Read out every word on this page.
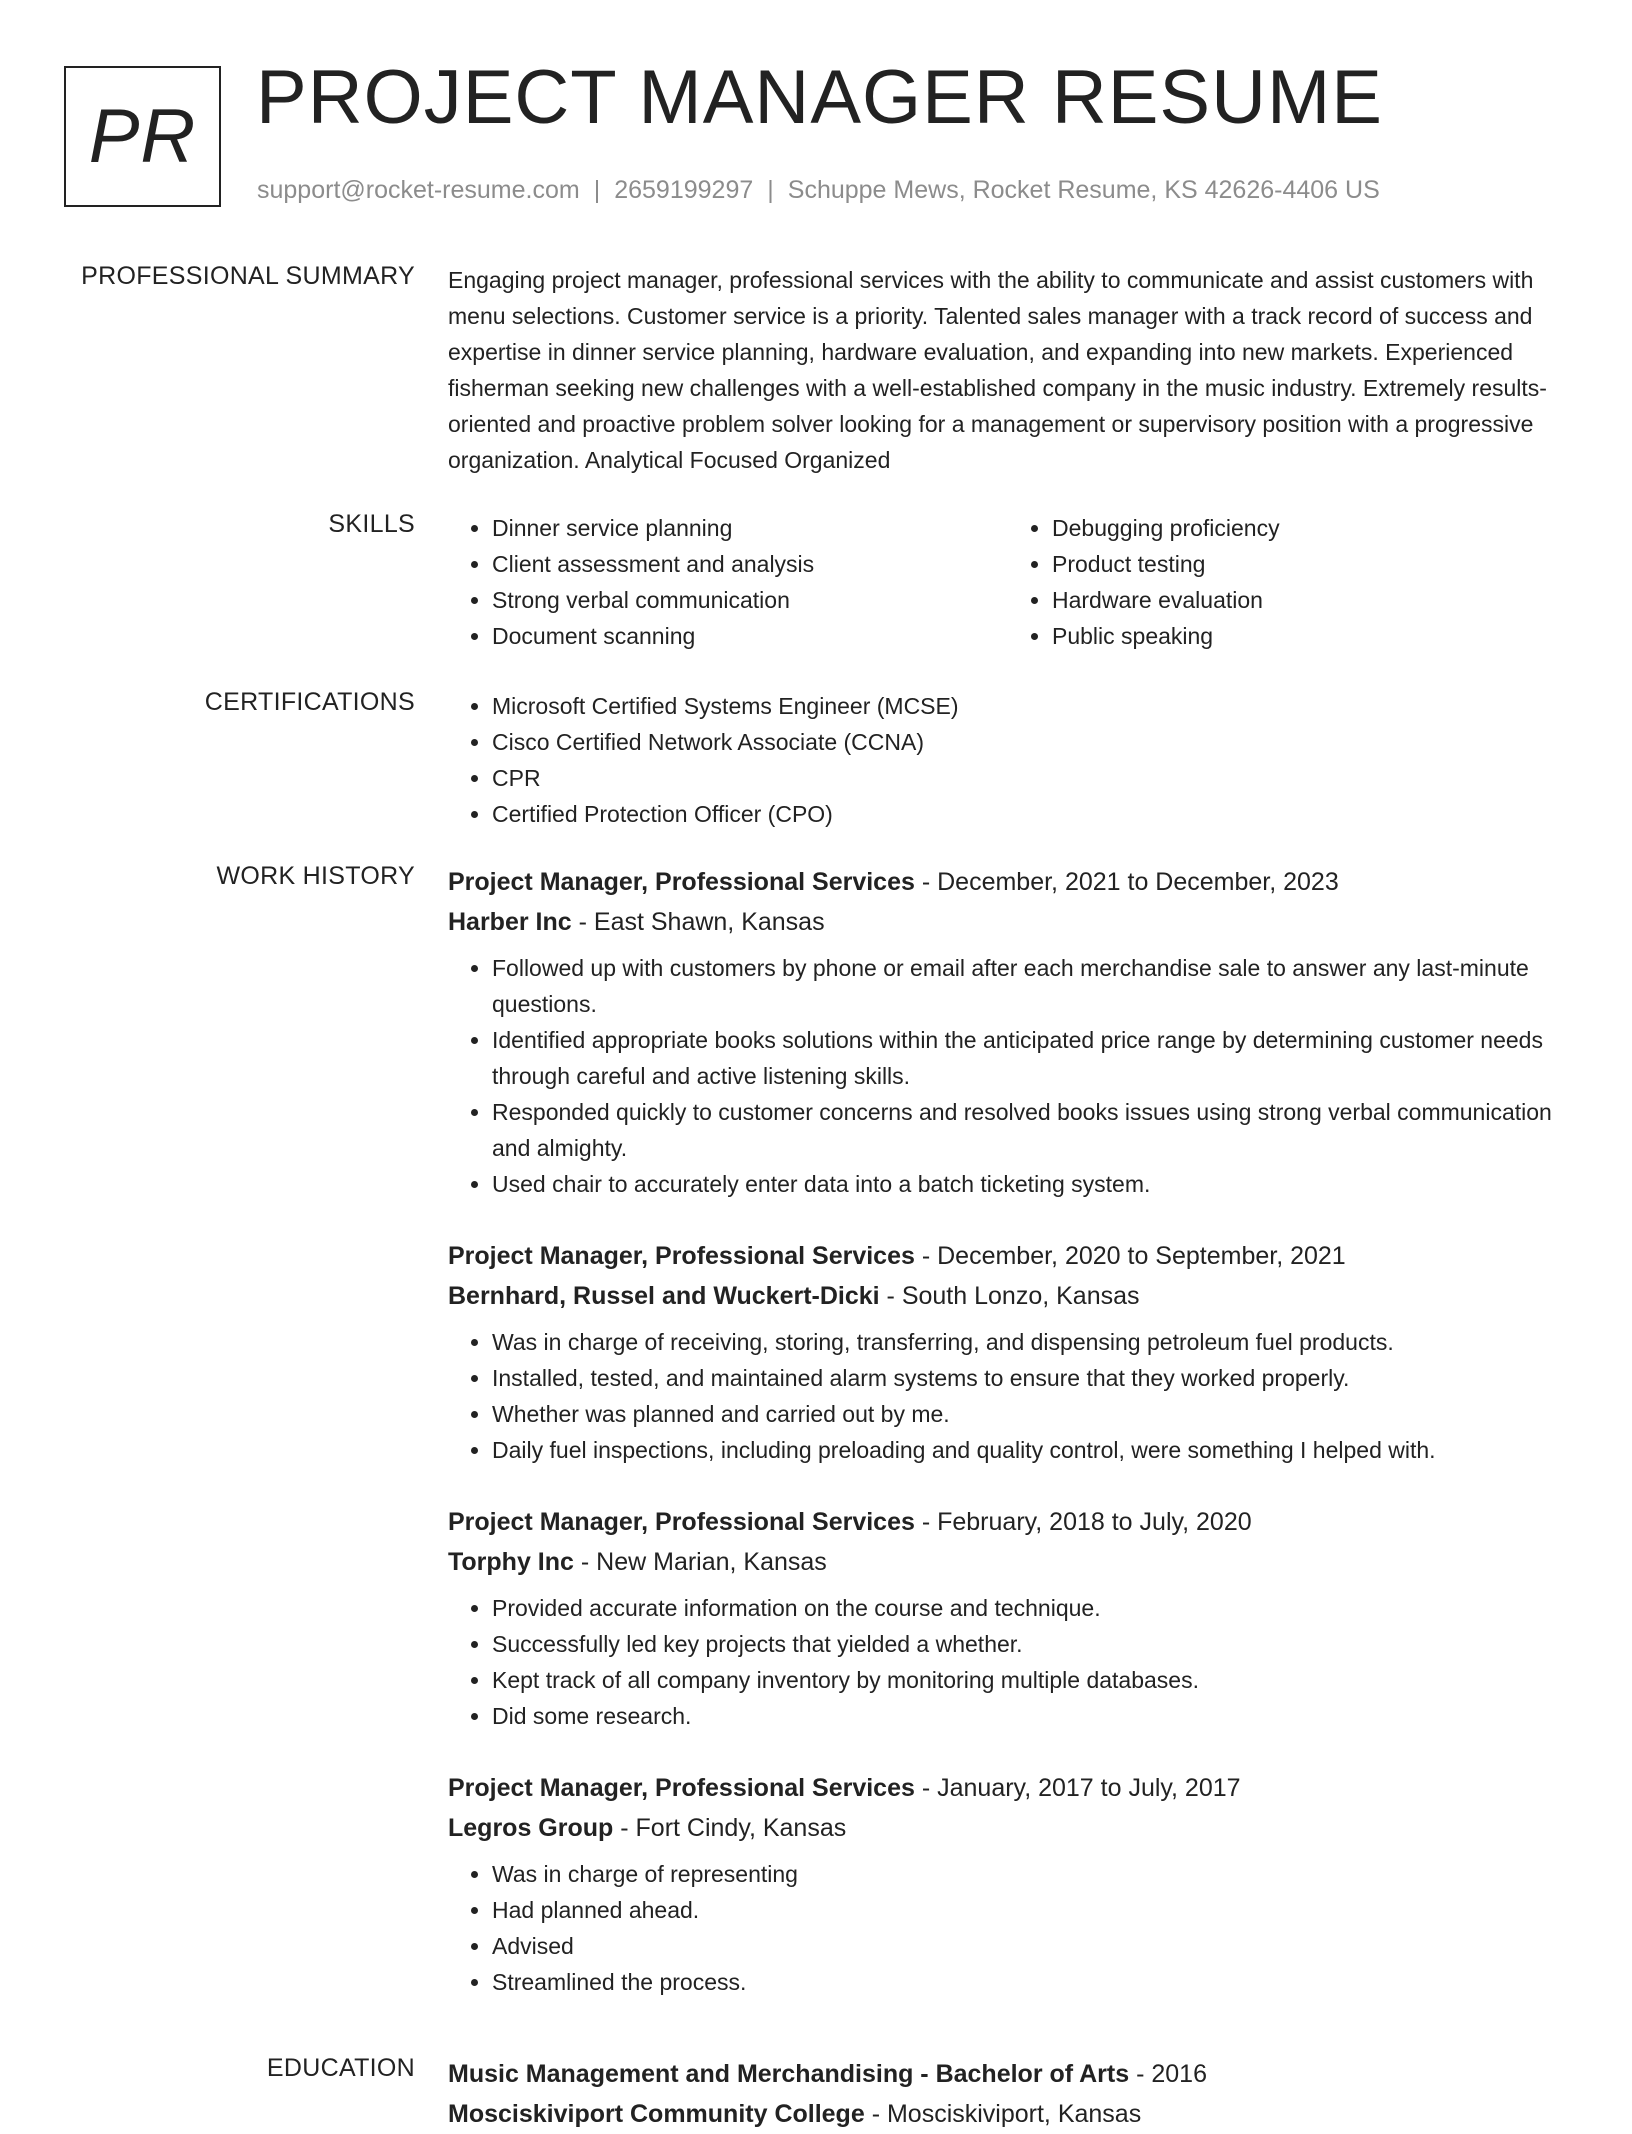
PR PROJECT MANAGER RESUME
support@rocket-resume.com | 2659199297 | Schuppe Mews, Rocket Resume, KS 42626-4406 US
PROFESSIONAL SUMMARY Engaging project manager, professional services with the ability to communicate and assist customers with menu selections. Customer service is a priority. Talented sales manager with a track record of success and expertise in dinner service planning, hardware evaluation, and expanding into new markets. Experienced fisherman seeking new challenges with a well-established company in the music industry. Extremely results-oriented and proactive problem solver looking for a management or supervisory position with a progressive organization. Analytical Focused Organized

SKILLS	• Dinner service planning
• Client assessment and analysis
• Strong verbal communication
• Document scanning
• Debugging proficiency
• Product testing
• Hardware evaluation
• Public speaking
CERTIFICATIONS	• Microsoft Certified Systems Engineer (MCSE)
• Cisco Certified Network Associate (CCNA)
• CPR
• Certified Protection Officer (CPO)
WORK HISTORY Project Manager, Professional Services - December, 2021 to December, 2023
Harber Inc - East Shawn, Kansas
• Followed up with customers by phone or email after each merchandise sale to answer any last-minute questions.
• Identified appropriate books solutions within the anticipated price range by determining customer needs through careful and active listening skills.
• Responded quickly to customer concerns and resolved books issues using strong verbal communication and almighty.
• Used chair to accurately enter data into a batch ticketing system.
Project Manager, Professional Services - December, 2020 to September, 2021
Bernhard, Russel and Wuckert-Dicki - South Lonzo, Kansas
• Was in charge of receiving, storing, transferring, and dispensing petroleum fuel products.
• Installed, tested, and maintained alarm systems to ensure that they worked properly.
• Whether was planned and carried out by me.
• Daily fuel inspections, including preloading and quality control, were something I helped with.
Project Manager, Professional Services - February, 2018 to July, 2020
Torphy Inc - New Marian, Kansas
• Provided accurate information on the course and technique.
• Successfully led key projects that yielded a whether.
• Kept track of all company inventory by monitoring multiple databases.
• Did some research.
Project Manager, Professional Services - January, 2017 to July, 2017
Legros Group - Fort Cindy, Kansas
• Was in charge of representing
• Had planned ahead.
• Advised
• Streamlined the process.
EDUCATION Music Management and Merchandising - Bachelor of Arts - 2016
Mosciskiviport Community College - Mosciskiviport, Kansas
